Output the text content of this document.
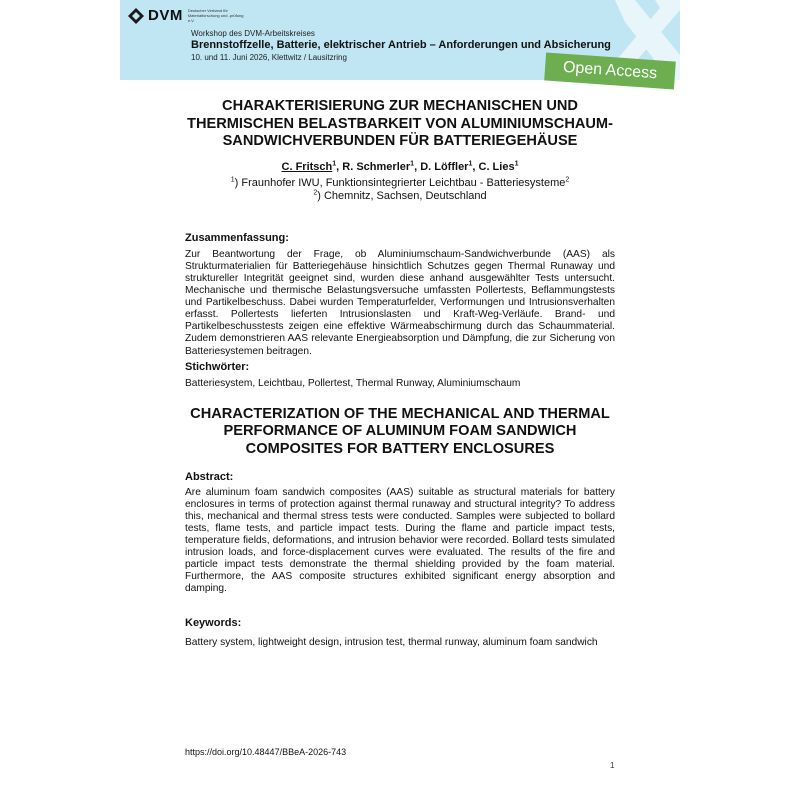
DVM Deutscher Verband für Materialforschung und -prüfung e.V.
Workshop des DVM-Arbeitskreises
Brennstoffzelle, Batterie, elektrischer Antrieb – Anforderungen und Absicherung
10. und 11. Juni 2026, Klettwitz / Lausitzring
Open Access
CHARAKTERISIERUNG ZUR MECHANISCHEN UND THERMISCHEN BELASTBARKEIT VON ALUMINIUMSCHAUM-SANDWICHVERBUNDEN FÜR BATTERIEGEHÄUSE
C. Fritsch$^1$, R. Schmerler$^1$, D. Löffler$^1$, C. Lies$^1$
$^1$) Fraunhofer IWU, Funktionsintegrierter Leichtbau - Batteriesysteme$^2$
$^2$) Chemnitz, Sachsen, Deutschland
Zusammenfassung:

Zur Beantwortung der Frage, ob Aluminiumschaum-Sandwichverbunde (AAS) als Strukturmaterialien für Batteriegehäuse hinsichtlich Schutzes gegen Thermal Runaway und struktureller Integrität geeignet sind, wurden diese anhand ausgewählter Tests untersucht. Mechanische und thermische Belastungsversuche umfassten Pollertests, Beflammungstests und Partikelbeschuss. Dabei wurden Temperaturfelder, Verformungen und Intrusionsverhalten erfasst. Pollertests lieferten Intrusionslasten und Kraft-Weg-Verläufe. Brand- und Partikelbeschusstests zeigen eine effektive Wärmeabschirmung durch das Schaummaterial. Zudem demonstrieren AAS relevante Energieabsorption und Dämpfung, die zur Sicherung von Batteriesystemen beitragen.

Stichwörter:

Batteriesystem, Leichtbau, Pollertest, Thermal Runway, Aluminiumschaum

CHARACTERIZATION OF THE MECHANICAL AND THERMAL PERFORMANCE OF ALUMINUM FOAM SANDWICH COMPOSITES FOR BATTERY ENCLOSURES
Abstract:

Are aluminum foam sandwich composites (AAS) suitable as structural materials for battery enclosures in terms of protection against thermal runaway and structural integrity? To address this, mechanical and thermal stress tests were conducted. Samples were subjected to bollard tests, flame tests, and particle impact tests. During the flame and particle impact tests, temperature fields, deformations, and intrusion behavior were recorded. Bollard tests simulated intrusion loads, and force-displacement curves were evaluated. The results of the fire and particle impact tests demonstrate the thermal shielding provided by the foam material. Furthermore, the AAS composite structures exhibited significant energy absorption and damping.

Keywords:

Battery system, lightweight design, intrusion test, thermal runway, aluminum foam sandwich

https://doi.org/10.48447/BBeA-2026-743
1
